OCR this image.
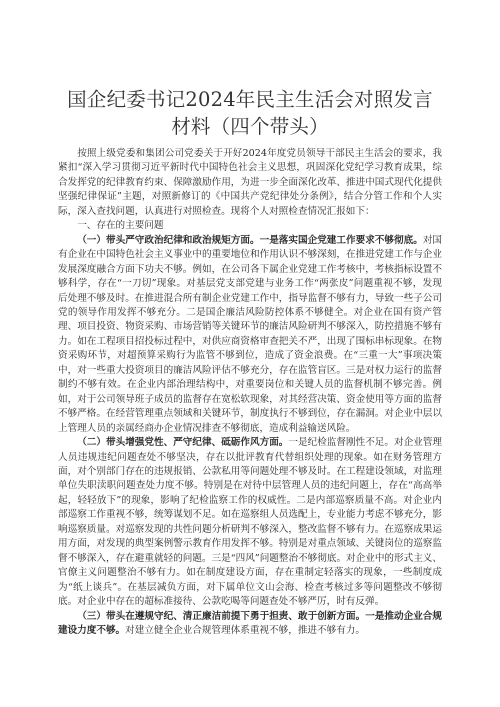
国企纪委书记2024年民主生活会对照发言材料（四个带头）

按照上级党委和集团公司党委关于开好2024年度党员领导干部民主生活会的要求，我紧扣“深入学习贯彻习近平新时代中国特色社会主义思想，巩固深化党纪学习教育成果，综合发挥党的纪律教育约束、保障激励作用，为进一步全面深化改革、推进中国式现代化提供坚强纪律保证”主题，对照新修订的《中国共产党纪律处分条例》，结合分管工作和个人实际，深入查找问题，认真进行对照检查。现将个人对照检查情况汇报如下：

一、存在的主要问题

（一）带头严守政治纪律和政治规矩方面。一是落实国企党建工作要求不够彻底。对国有企业在中国特色社会主义事业中的重要地位和作用认识不够深刻，在推进党建工作与企业发展深度融合方面下功夫不够。例如，在公司各下属企业党建工作考核中，考核指标设置不够科学，存在“一刀切”现象。对基层党支部党建与业务工作“两张皮”问题重视不够，发现后处理不够及时。在推进混合所有制企业党建工作中，指导监督不够有力，导致一些子公司党的领导作用发挥不够充分。二是国企廉洁风险防控体系不够健全。对企业在国有资产管理、项目投资、物资采购、市场营销等关键环节的廉洁风险研判不够深入，防控措施不够有力。如在工程项目招投标过程中，对供应商资格审查把关不严，出现了围标串标现象。在物资采购环节，对超预算采购行为监管不够到位，造成了资金浪费。在“三重一大”事项决策中，对一些重大投资项目的廉洁风险评估不够充分，存在监管盲区。三是对权力运行的监督制约不够有效。在企业内部治理结构中，对重要岗位和关键人员的监督机制不够完善。例如，对于公司领导班子成员的监督存在宽松软现象，对其经营决策、资金使用等方面的监督不够严格。在经营管理重点领域和关键环节，制度执行不够到位，存在漏洞。对企业中层以上管理人员的亲属经商办企业情况排查不够彻底，造成利益输送风险。

（二）带头增强党性、严守纪律、砥砺作风方面。一是纪检监督刚性不足。对企业管理人员违规违纪问题查处不够坚决，存在以批评教育代替组织处理的现象。如在财务管理方面，对个别部门存在的违规报销、公款私用等问题处理不够及时。在工程建设领域，对监理单位失职渎职问题查处力度不够。特别是在对待中层管理人员的违纪问题上，存在“高高举起，轻轻放下”的现象，影响了纪检监察工作的权威性。二是内部巡察质量不高。对企业内部巡察工作重视不够，统筹谋划不足。如在巡察组人员选配上，专业能力考虑不够充分，影响巡察质量。对巡察发现的共性问题分析研判不够深入，整改监督不够有力。在巡察成果运用方面，对发现的典型案例警示教育作用发挥不够。特别是对重点领域、关键岗位的巡察监督不够深入，存在避重就轻的问题。三是“四风”问题整治不够彻底。对企业中的形式主义、官僚主义问题整治不够有力。如在制度建设方面，存在重制定轻落实的现象，一些制度成为“纸上谈兵”。在基层减负方面，对下属单位文山会海、检查考核过多等问题整改不够彻底。对企业中存在的超标准接待、公款吃喝等问题查处不够严厉，时有反弹。

（三）带头在遵规守纪、清正廉洁前提下勇于担责、敢于创新方面。一是推动企业合规建设力度不够。对建立健全企业合规管理体系重视不够，推进不够有力。
